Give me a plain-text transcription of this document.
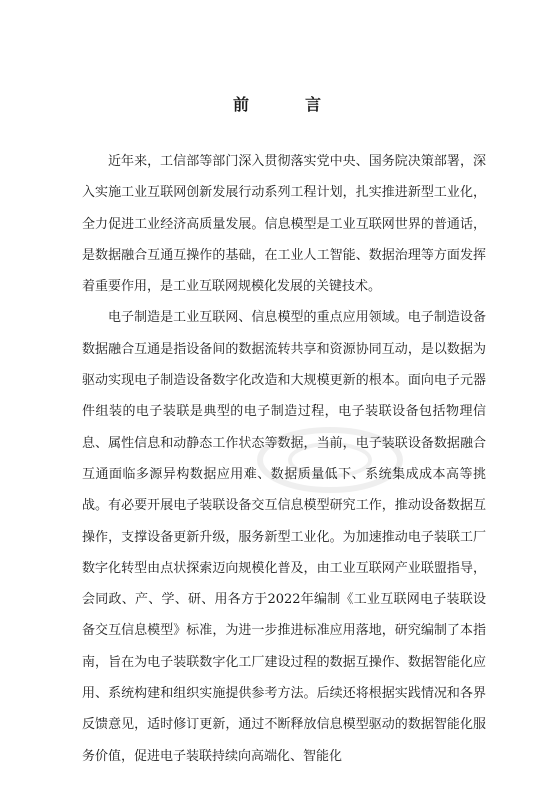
前　言

近年来，工信部等部门深入贯彻落实党中央、国务院决策部署，深入实施工业互联网创新发展行动系列工程计划，扎实推进新型工业化，全力促进工业经济高质量发展。信息模型是工业互联网世界的普通话，是数据融合互通互操作的基础，在工业人工智能、数据治理等方面发挥着重要作用，是工业互联网规模化发展的关键技术。

电子制造是工业互联网、信息模型的重点应用领域。电子制造设备数据融合互通是指设备间的数据流转共享和资源协同互动，是以数据为驱动实现电子制造设备数字化改造和大规模更新的根本。面向电子元器件组装的电子装联是典型的电子制造过程，电子装联设备包括物理信息、属性信息和动静态工作状态等数据，当前，电子装联设备数据融合互通面临多源异构数据应用难、数据质量低下、系统集成成本高等挑战。有必要开展电子装联设备交互信息模型研究工作，推动设备数据互操作，支撑设备更新升级，服务新型工业化。为加速推动电子装联工厂数字化转型由点状探索迈向规模化普及，由工业互联网产业联盟指导，会同政、产、学、研、用各方于2022年编制《工业互联网电子装联设备交互信息模型》标准，为进一步推进标准应用落地，研究编制了本指南，旨在为电子装联数字化工厂建设过程的数据互操作、数据智能化应用、系统构建和组织实施提供参考方法。后续还将根据实践情况和各界反馈意见，适时修订更新，通过不断释放信息模型驱动的数据智能化服务价值，促进电子装联持续向高端化、智能化
